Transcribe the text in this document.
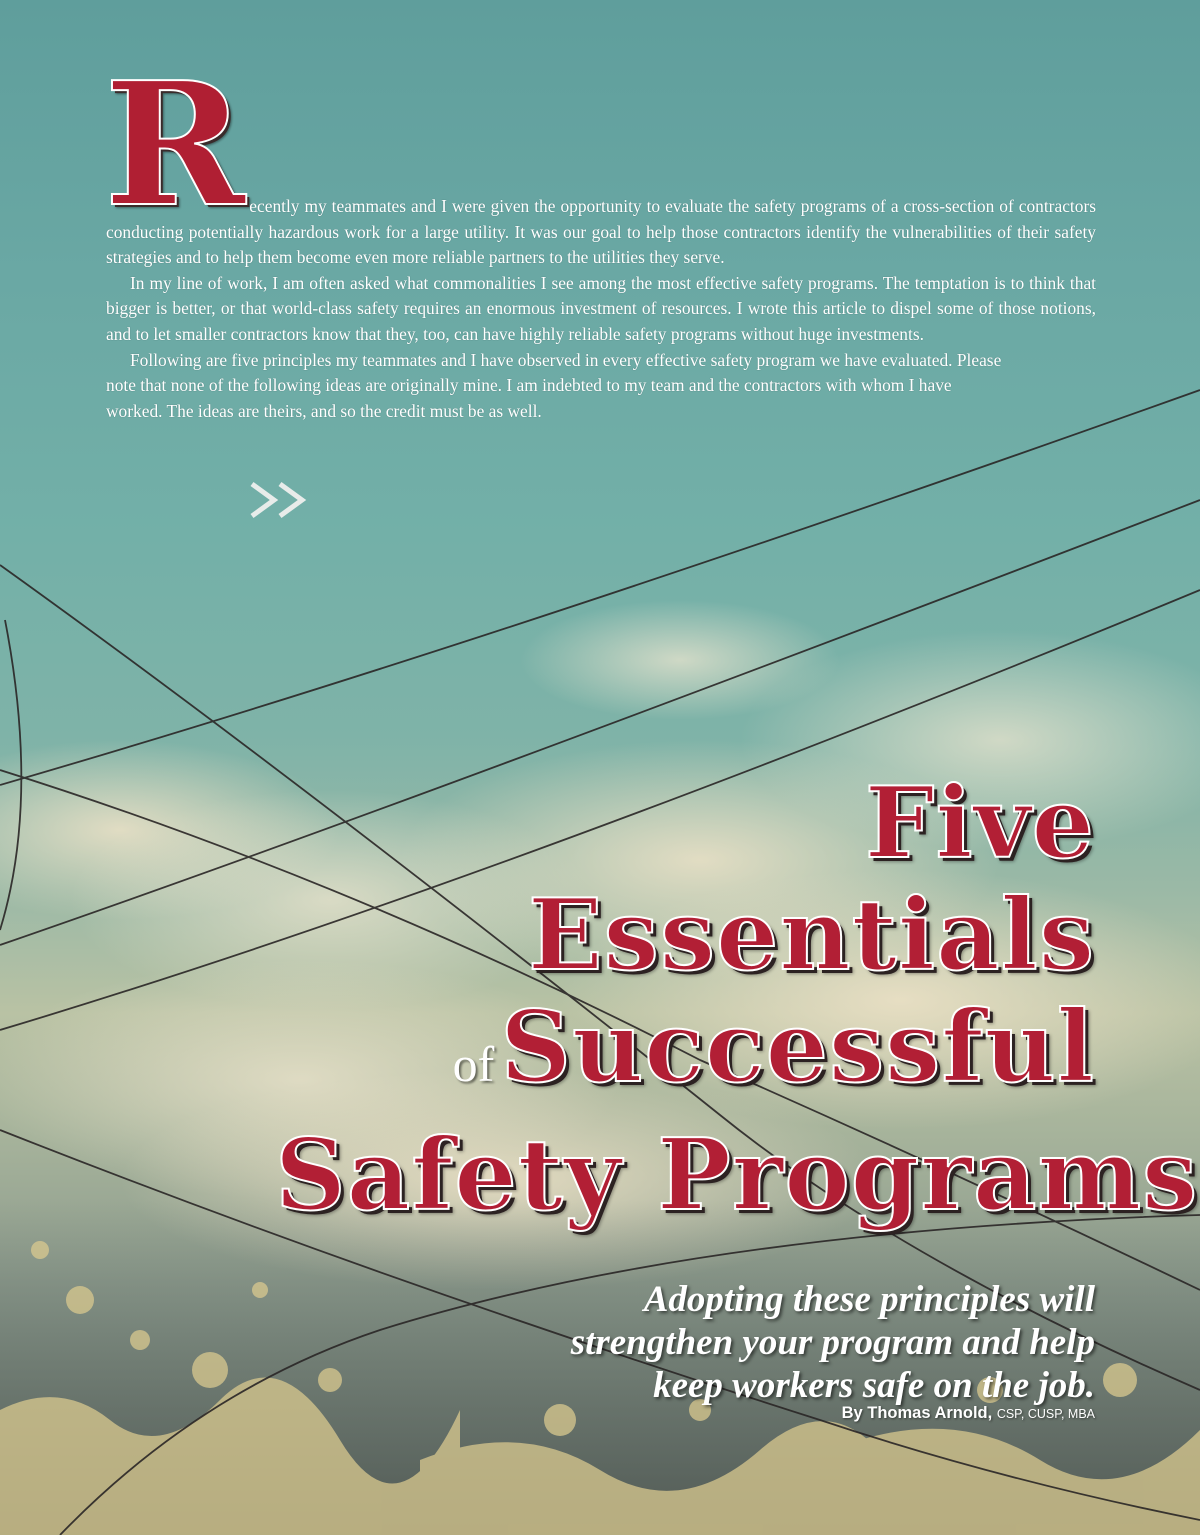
R ecently my teammates and I were given the opportunity to evaluate the safety programs of a cross-section of contractors conducting potentially hazardous work for a large utility. It was our goal to help those contractors identify the vulnerabilities of their safety strategies and to help them become even more reliable partners to the utilities they serve.

In my line of work, I am often asked what commonalities I see among the most effective safety programs. The temptation is to think that bigger is better, or that world-class safety requires an enormous investment of resources. I wrote this article to dispel some of those notions, and to let smaller contractors know that they, too, can have highly reliable safety programs without huge investments.

Following are five principles my teammates and I have observed in every effective safety program we have evaluated. Please note that none of the following ideas are originally mine. I am indebted to my team and the contractors with whom I have worked. The ideas are theirs, and so the credit must be as well.

Five
Essentials
ofSuccessful
Safety Programs
Adopting these principles will
strengthen your program and help
keep workers safe on the job.
By Thomas Arnold, CSP, CUSP, MBA
